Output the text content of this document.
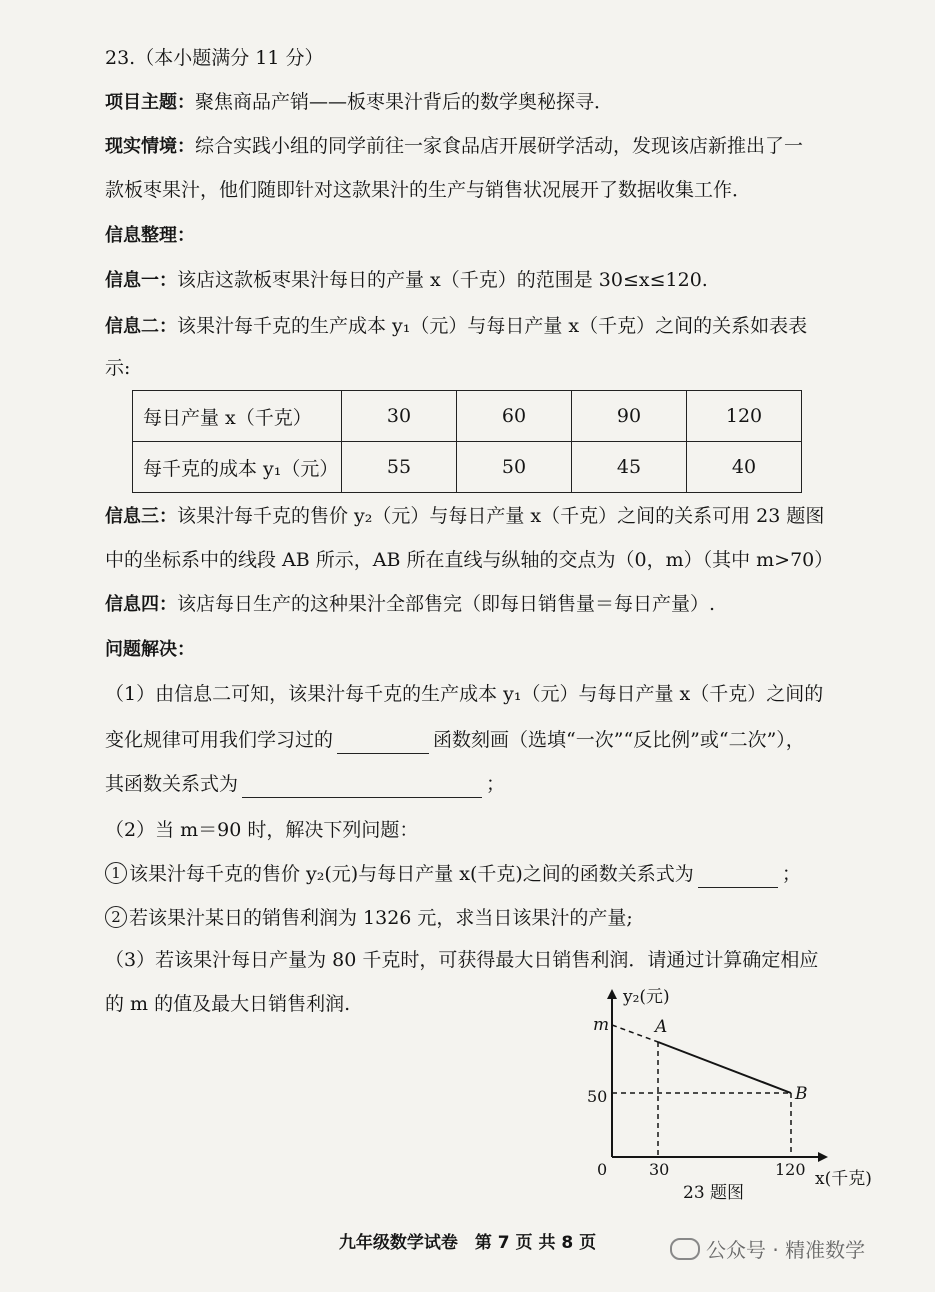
23.（本小题满分 11 分）
项目主题：聚焦商品产销——板枣果汁背后的数学奥秘探寻．
现实情境：综合实践小组的同学前往一家食品店开展研学活动，发现该店新推出了一
款板枣果汁，他们随即针对这款果汁的生产与销售状况展开了数据收集工作．
信息整理：
信息一：该店这款板枣果汁每日的产量 x（千克）的范围是 30≤x≤120.
信息二：该果汁每千克的生产成本 y₁（元）与每日产量 x（千克）之间的关系如表表
示:
每日产量 x（千克）	30	60	90	120
每千克的成本 y₁（元）	55	50	45	40
信息三：该果汁每千克的售价 y₂（元）与每日产量 x（千克）之间的关系可用 23 题图
中的坐标系中的线段 AB 所示，AB 所在直线与纵轴的交点为（0，m）（其中 m>70）
信息四：该店每日生产的这种果汁全部售完（即每日销售量＝每日产量）.
问题解决：
（1）由信息二可知，该果汁每千克的生产成本 y₁（元）与每日产量 x（千克）之间的
变化规律可用我们学习过的	函数刻画（选填“一次”“反比例”或“二次”），
其函数关系式为	；
（2）当 m＝90 时，解决下列问题：
1 该果汁每千克的售价 y₂(元)与每日产量 x(千克)之间的函数关系式为	；
2 若该果汁某日的销售利润为 1326 元，求当日该果汁的产量;
（3）若该果汁每日产量为 80 千克时，可获得最大日销售利润．请通过计算确定相应
的 m 的值及最大日销售利润.	y₂(元)
m	A
B
50
0	30	120 x(千克)
23 题图
九年级数学试卷　第 7 页 共 8 页	公众号 · 精准数学
